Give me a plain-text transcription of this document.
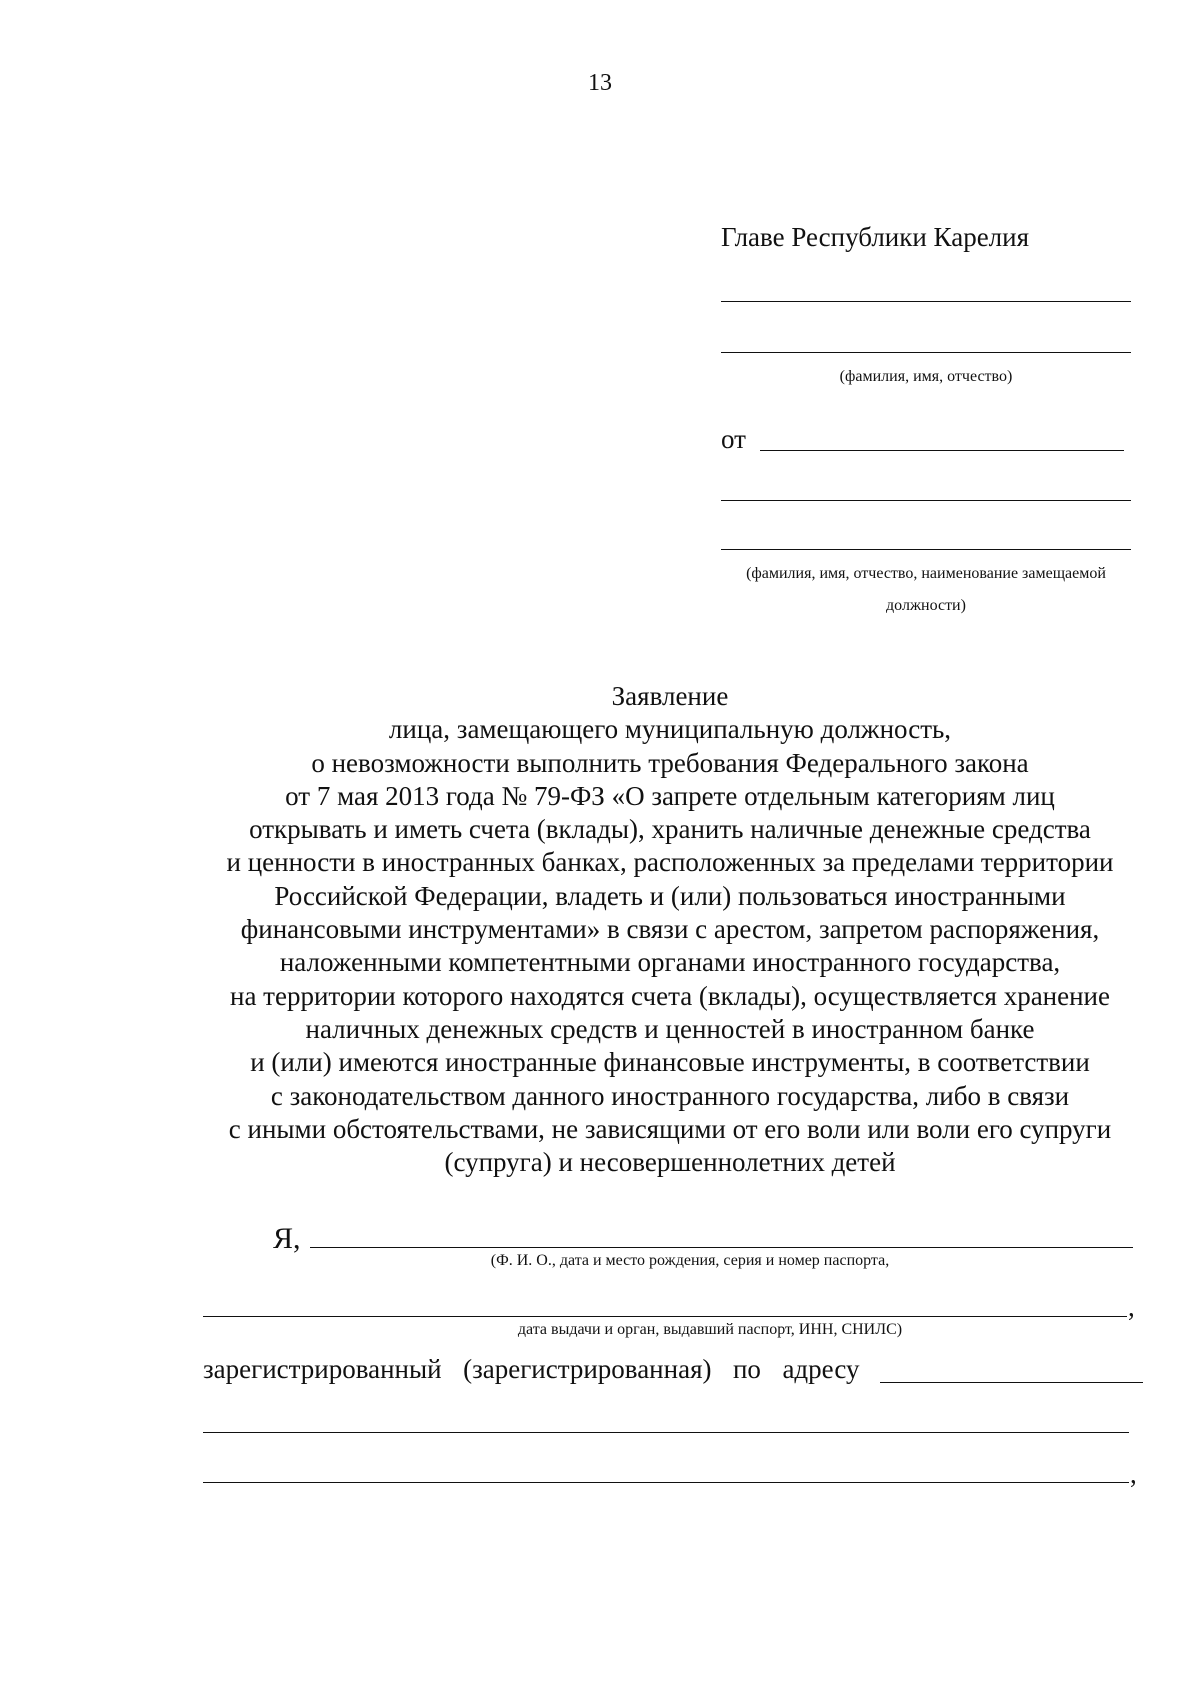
13
Главе Республики Карелия
(фамилия, имя, отчество)
от
(фамилия, имя, отчество, наименование замещаемой
должности)
Заявление
лица, замещающего муниципальную должность,
о невозможности выполнить требования Федерального закона
от 7 мая 2013 года № 79-ФЗ «О запрете отдельным категориям лиц
открывать и иметь счета (вклады), хранить наличные денежные средства
и ценности в иностранных банках, расположенных за пределами территории
Российской Федерации, владеть и (или) пользоваться иностранными
финансовыми инструментами» в связи с арестом, запретом распоряжения,
наложенными компетентными органами иностранного государства,
на территории которого находятся счета (вклады), осуществляется хранение
наличных денежных средств и ценностей в иностранном банке
и (или) имеются иностранные финансовые инструменты, в соответствии
с законодательством данного иностранного государства, либо в связи
с иными обстоятельствами, не зависящими от его воли или воли его супруги
(супруга) и несовершеннолетних детей
Я,
(Ф. И. О., дата и место рождения, серия и номер паспорта,
,
дата выдачи и орган, выдавший паспорт, ИНН, СНИЛС)
зарегистрированный (зарегистрированная) по адресу
,
